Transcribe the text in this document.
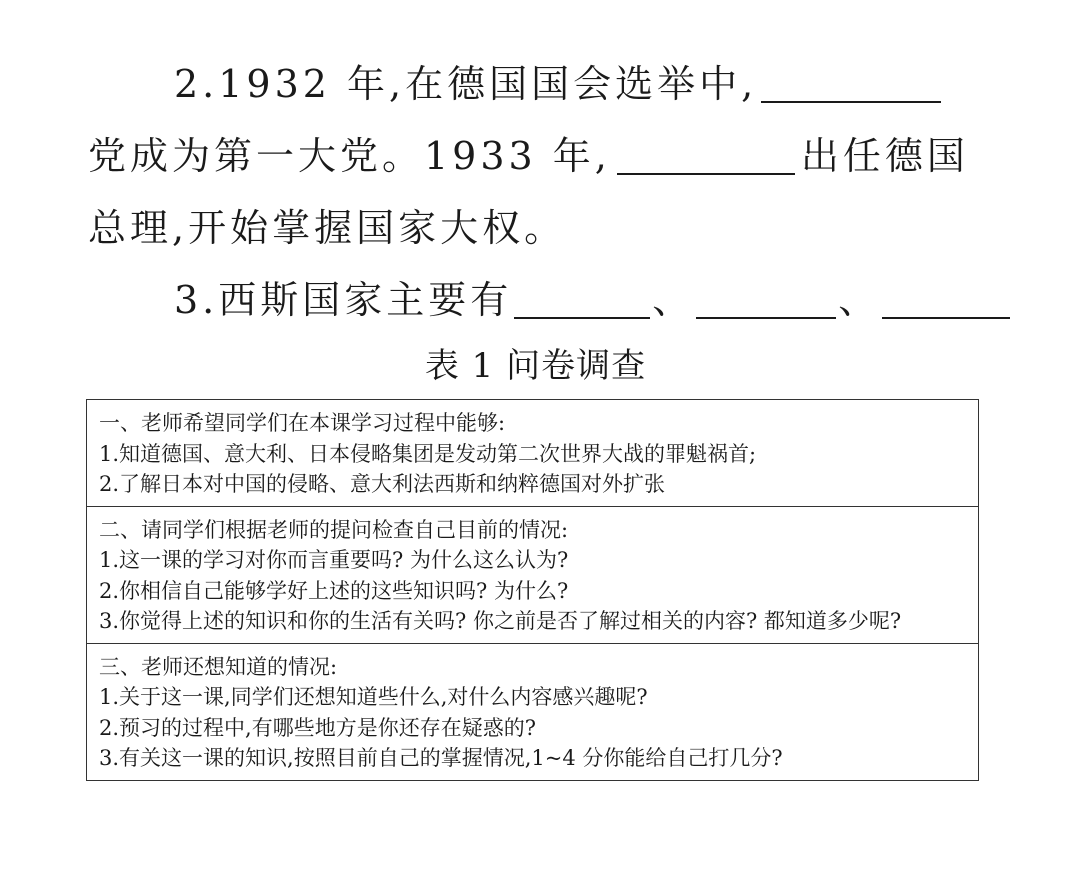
2.1932 年,在德国国会选举中,党成为第一大党。1933 年,	出任德国总理,开始掌握国家大权。

3.西斯国家主要有	、	、

表 1 问卷调查
一、老师希望同学们在本课学习过程中能够:
1.知道德国、意大利、日本侵略集团是发动第二次世界大战的罪魁祸首;
2.了解日本对中国的侵略、意大利法西斯和纳粹德国对外扩张
二、请同学们根据老师的提问检查自己目前的情况:
1.这一课的学习对你而言重要吗? 为什么这么认为?
2.你相信自己能够学好上述的这些知识吗? 为什么?
3.你觉得上述的知识和你的生活有关吗? 你之前是否了解过相关的内容? 都知道多少呢?
三、老师还想知道的情况:
1.关于这一课,同学们还想知道些什么,对什么内容感兴趣呢?
2.预习的过程中,有哪些地方是你还存在疑惑的?
3.有关这一课的知识,按照目前自己的掌握情况,1~4 分你能给自己打几分?
